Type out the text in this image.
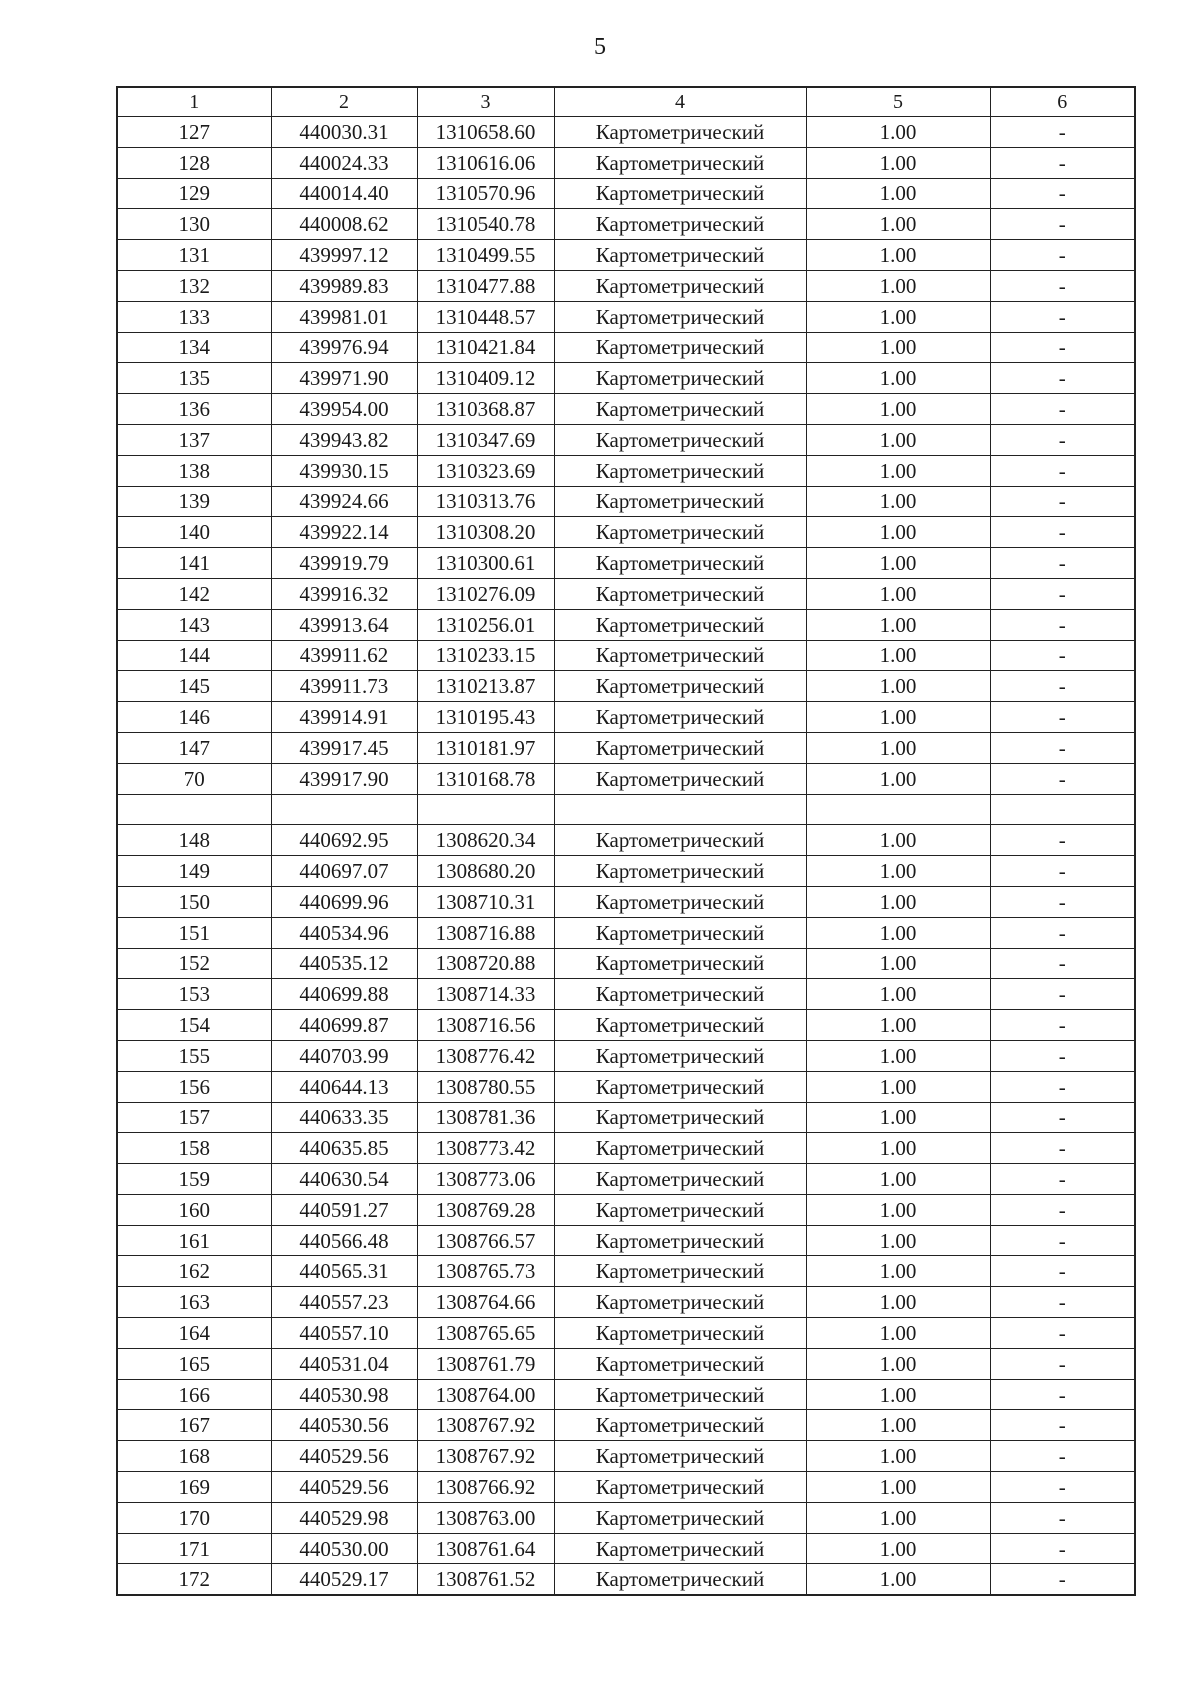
5
1	2	3	4	5	6
127	440030.31	1310658.60	Картометрический	1.00	-
128	440024.33	1310616.06	Картометрический	1.00	-
129	440014.40	1310570.96	Картометрический	1.00	-
130	440008.62	1310540.78	Картометрический	1.00	-
131	439997.12	1310499.55	Картометрический	1.00	-
132	439989.83	1310477.88	Картометрический	1.00	-
133	439981.01	1310448.57	Картометрический	1.00	-
134	439976.94	1310421.84	Картометрический	1.00	-
135	439971.90	1310409.12	Картометрический	1.00	-
136	439954.00	1310368.87	Картометрический	1.00	-
137	439943.82	1310347.69	Картометрический	1.00	-
138	439930.15	1310323.69	Картометрический	1.00	-
139	439924.66	1310313.76	Картометрический	1.00	-
140	439922.14	1310308.20	Картометрический	1.00	-
141	439919.79	1310300.61	Картометрический	1.00	-
142	439916.32	1310276.09	Картометрический	1.00	-
143	439913.64	1310256.01	Картометрический	1.00	-
144	439911.62	1310233.15	Картометрический	1.00	-
145	439911.73	1310213.87	Картометрический	1.00	-
146	439914.91	1310195.43	Картометрический	1.00	-
147	439917.45	1310181.97	Картометрический	1.00	-
70	439917.90	1310168.78	Картометрический	1.00	-

148	440692.95	1308620.34	Картометрический	1.00	-
149	440697.07	1308680.20	Картометрический	1.00	-
150	440699.96	1308710.31	Картометрический	1.00	-
151	440534.96	1308716.88	Картометрический	1.00	-
152	440535.12	1308720.88	Картометрический	1.00	-
153	440699.88	1308714.33	Картометрический	1.00	-
154	440699.87	1308716.56	Картометрический	1.00	-
155	440703.99	1308776.42	Картометрический	1.00	-
156	440644.13	1308780.55	Картометрический	1.00	-
157	440633.35	1308781.36	Картометрический	1.00	-
158	440635.85	1308773.42	Картометрический	1.00	-
159	440630.54	1308773.06	Картометрический	1.00	-
160	440591.27	1308769.28	Картометрический	1.00	-
161	440566.48	1308766.57	Картометрический	1.00	-
162	440565.31	1308765.73	Картометрический	1.00	-
163	440557.23	1308764.66	Картометрический	1.00	-
164	440557.10	1308765.65	Картометрический	1.00	-
165	440531.04	1308761.79	Картометрический	1.00	-
166	440530.98	1308764.00	Картометрический	1.00	-
167	440530.56	1308767.92	Картометрический	1.00	-
168	440529.56	1308767.92	Картометрический	1.00	-
169	440529.56	1308766.92	Картометрический	1.00	-
170	440529.98	1308763.00	Картометрический	1.00	-
171	440530.00	1308761.64	Картометрический	1.00	-
172	440529.17	1308761.52	Картометрический	1.00	-
